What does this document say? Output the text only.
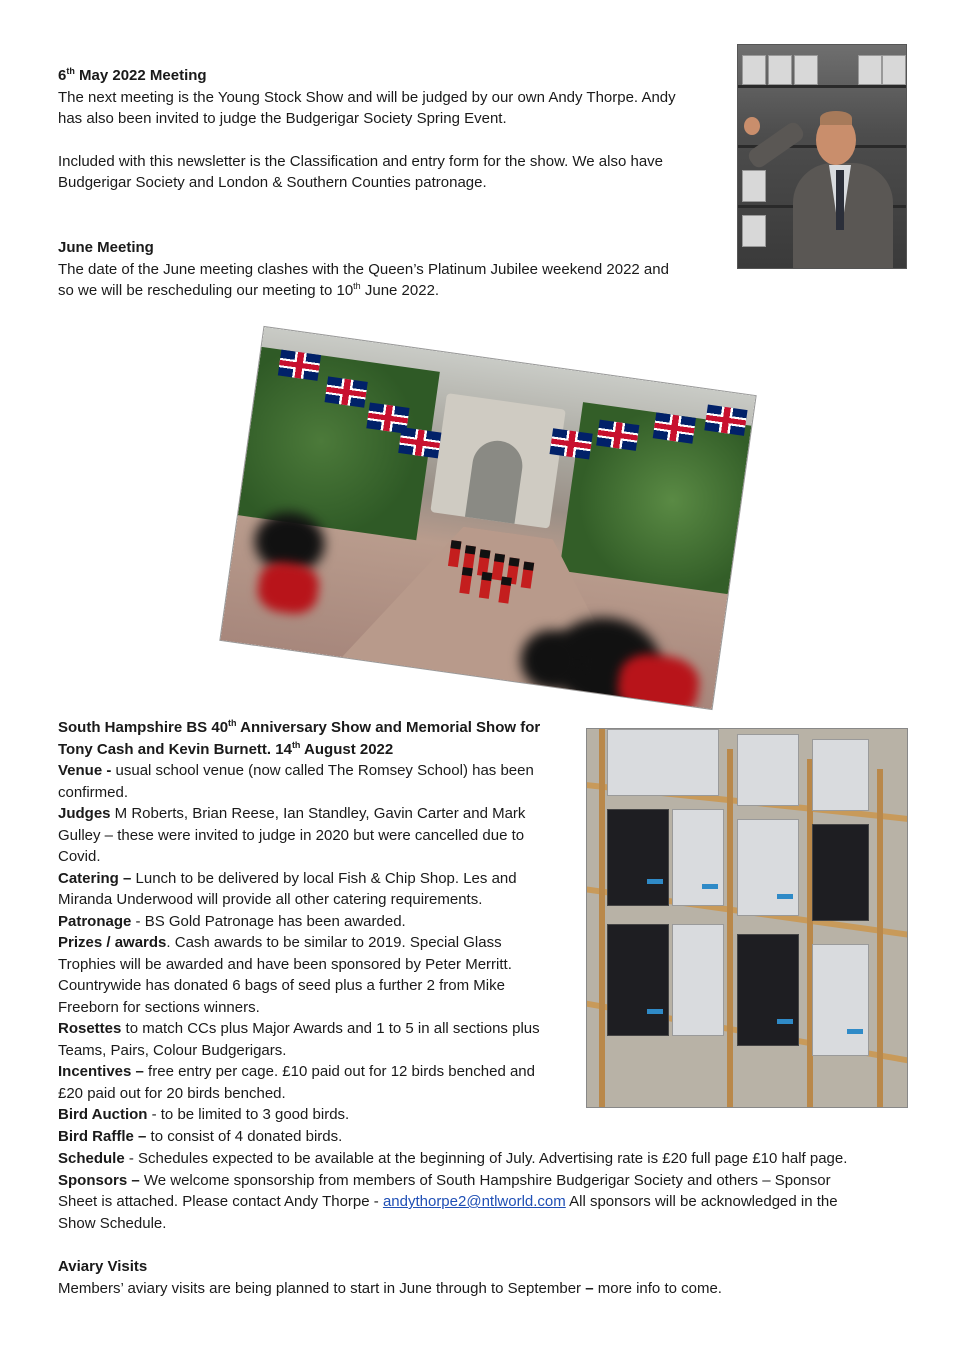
6th May 2022 Meeting
The next meeting is the Young Stock Show and will be judged by our own Andy Thorpe. Andy
has also been invited to judge the Budgerigar Society Spring Event.
Included with this newsletter is the Classification and entry form for the show. We also have
Budgerigar Society and London & Southern Counties patronage.
June Meeting
The date of the June meeting clashes with the Queen’s Platinum Jubilee weekend 2022 and
so we will be rescheduling our meeting to 10th June 2022.
South Hampshire BS 40th Anniversary Show and Memorial Show for
Tony Cash and Kevin Burnett. 14th August 2022
Venue - usual school venue (now called The Romsey School) has been
confirmed.
Judges M Roberts, Brian Reese, Ian Standley, Gavin Carter and Mark
Gulley – these were invited to judge in 2020 but were cancelled due to
Covid.
Catering – Lunch to be delivered by local Fish & Chip Shop. Les and
Miranda Underwood will provide all other catering requirements.
Patronage - BS Gold Patronage has been awarded.
Prizes / awards. Cash awards to be similar to 2019. Special Glass
Trophies will be awarded and have been sponsored by Peter Merritt.
Countrywide has donated 6 bags of seed plus a further 2 from Mike
Freeborn for sections winners.
Rosettes to match CCs plus Major Awards and 1 to 5 in all sections plus
Teams, Pairs, Colour Budgerigars.
Incentives – free entry per cage. £10 paid out for 12 birds benched and
£20 paid out for 20 birds benched.
Bird Auction - to be limited to 3 good birds.
Bird Raffle – to consist of 4 donated birds.
Schedule - Schedules expected to be available at the beginning of July. Advertising rate is £20 full page £10 half page.
Sponsors – We welcome sponsorship from members of South Hampshire Budgerigar Society and others – Sponsor
Sheet is attached. Please contact Andy Thorpe - andythorpe2@ntlworld.com All sponsors will be acknowledged in the
Show Schedule.
Aviary Visits
Members’ aviary visits are being planned to start in June through to September – more info to come.
